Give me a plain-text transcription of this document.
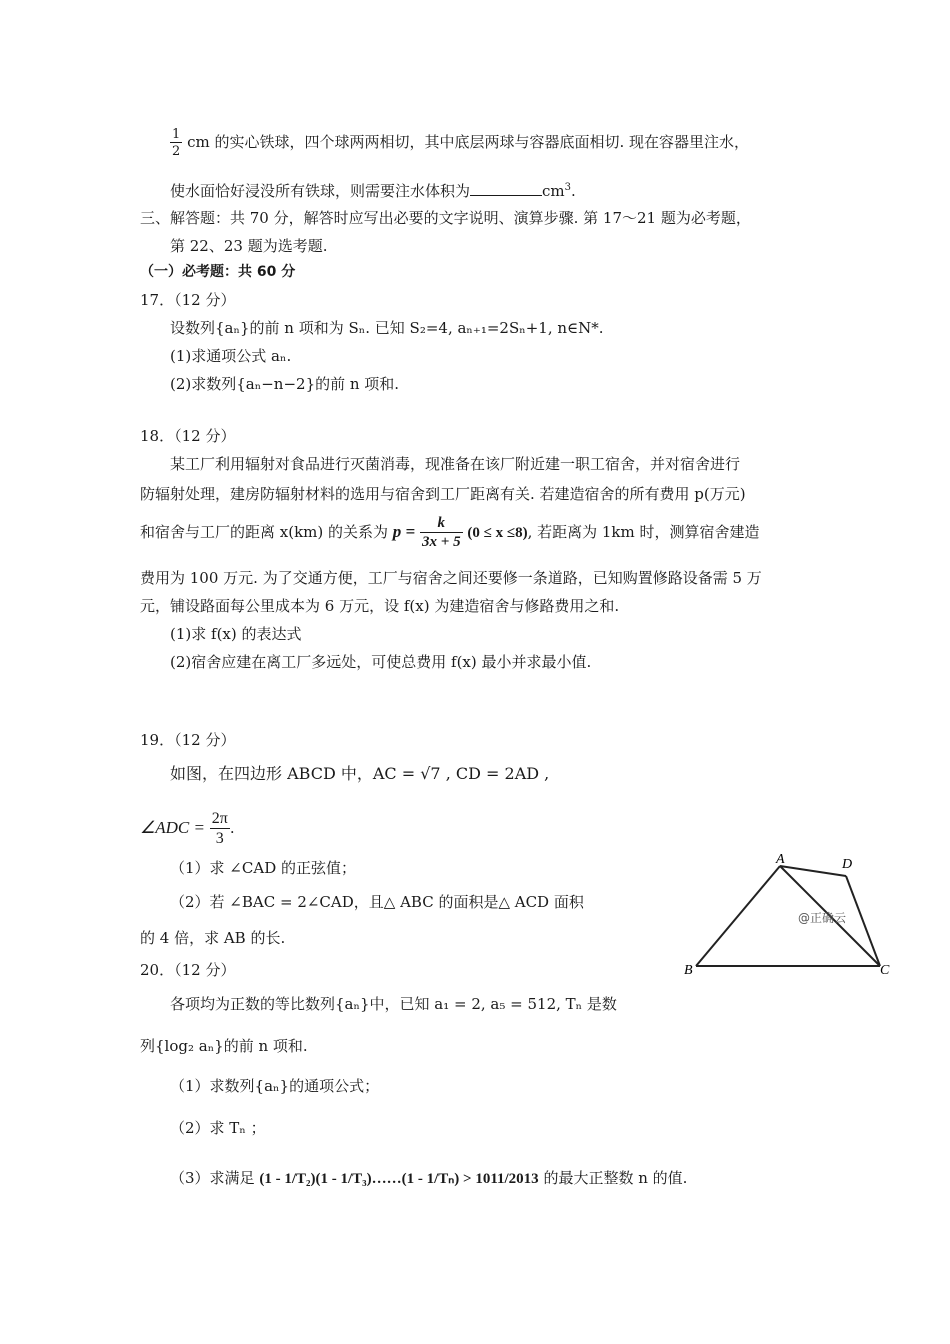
$\frac{1}{2}$ cm 的实心铁球，四个球两两相切，其中底层两球与容器底面相切. 现在容器里注水，
使水面恰好浸没所有铁球，则需要注水体积为	$cm^3$.
三、解答题：共 70 分，解答时应写出必要的文字说明、演算步骤. 第 17～21 题为必考题，
第 22、23 题为选考题.
（一）必考题：共 60 分
17．（12 分）
设数列{aₙ}的前 n 项和为 Sₙ. 已知 S₂=4, aₙ₊₁=2Sₙ+1, n∈N*.
(1)求通项公式 aₙ.
(2)求数列{aₙ−n−2}的前 n 项和.
18．（12 分）
某工厂利用辐射对食品进行灭菌消毒，现准备在该厂附近建一职工宿舍，并对宿舍进行
防辐射处理，建房防辐射材料的选用与宿舍到工厂距离有关. 若建造宿舍的所有费用 p(万元)
和宿舍与工厂的距离 x(km) 的关系为 $p = \frac{k}{3x + 5} (0 \le x \le 8)$, 若距离为 1km 时，测算宿舍建造
费用为 100 万元. 为了交通方便，工厂与宿舍之间还要修一条道路，已知购置修路设备需 5 万
元，铺设路面每公里成本为 6 万元，设 f(x) 为建造宿舍与修路费用之和.
(1)求 f(x) 的表达式
(2)宿舍应建在离工厂多远处，可使总费用 f(x) 最小并求最小值.
19．（12 分）
如图，在四边形 ABCD 中，AC = √7 , CD = 2AD ,
∠ADC = $\frac{2\pi}{3}$ .
（1）求 ∠CAD 的正弦值；
（2）若 ∠BAC = 2∠CAD，且△ ABC 的面积是△ ACD 面积
的 4 倍，求 AB 的长.
A	D
B	C
@正确云
20．（12 分）
各项均为正数的等比数列{aₙ}中，已知 a₁ = 2, a₅ = 512, Tₙ 是数
列{log₂ aₙ}的前 n 项和.
（1）求数列{aₙ}的通项公式；
（2）求 Tₙ ；
（3）求满足 (1 - 1/T₂)(1 - 1/T₃)……(1 - 1/Tₙ) > 1011/2013 的最大正整数 n 的值.
